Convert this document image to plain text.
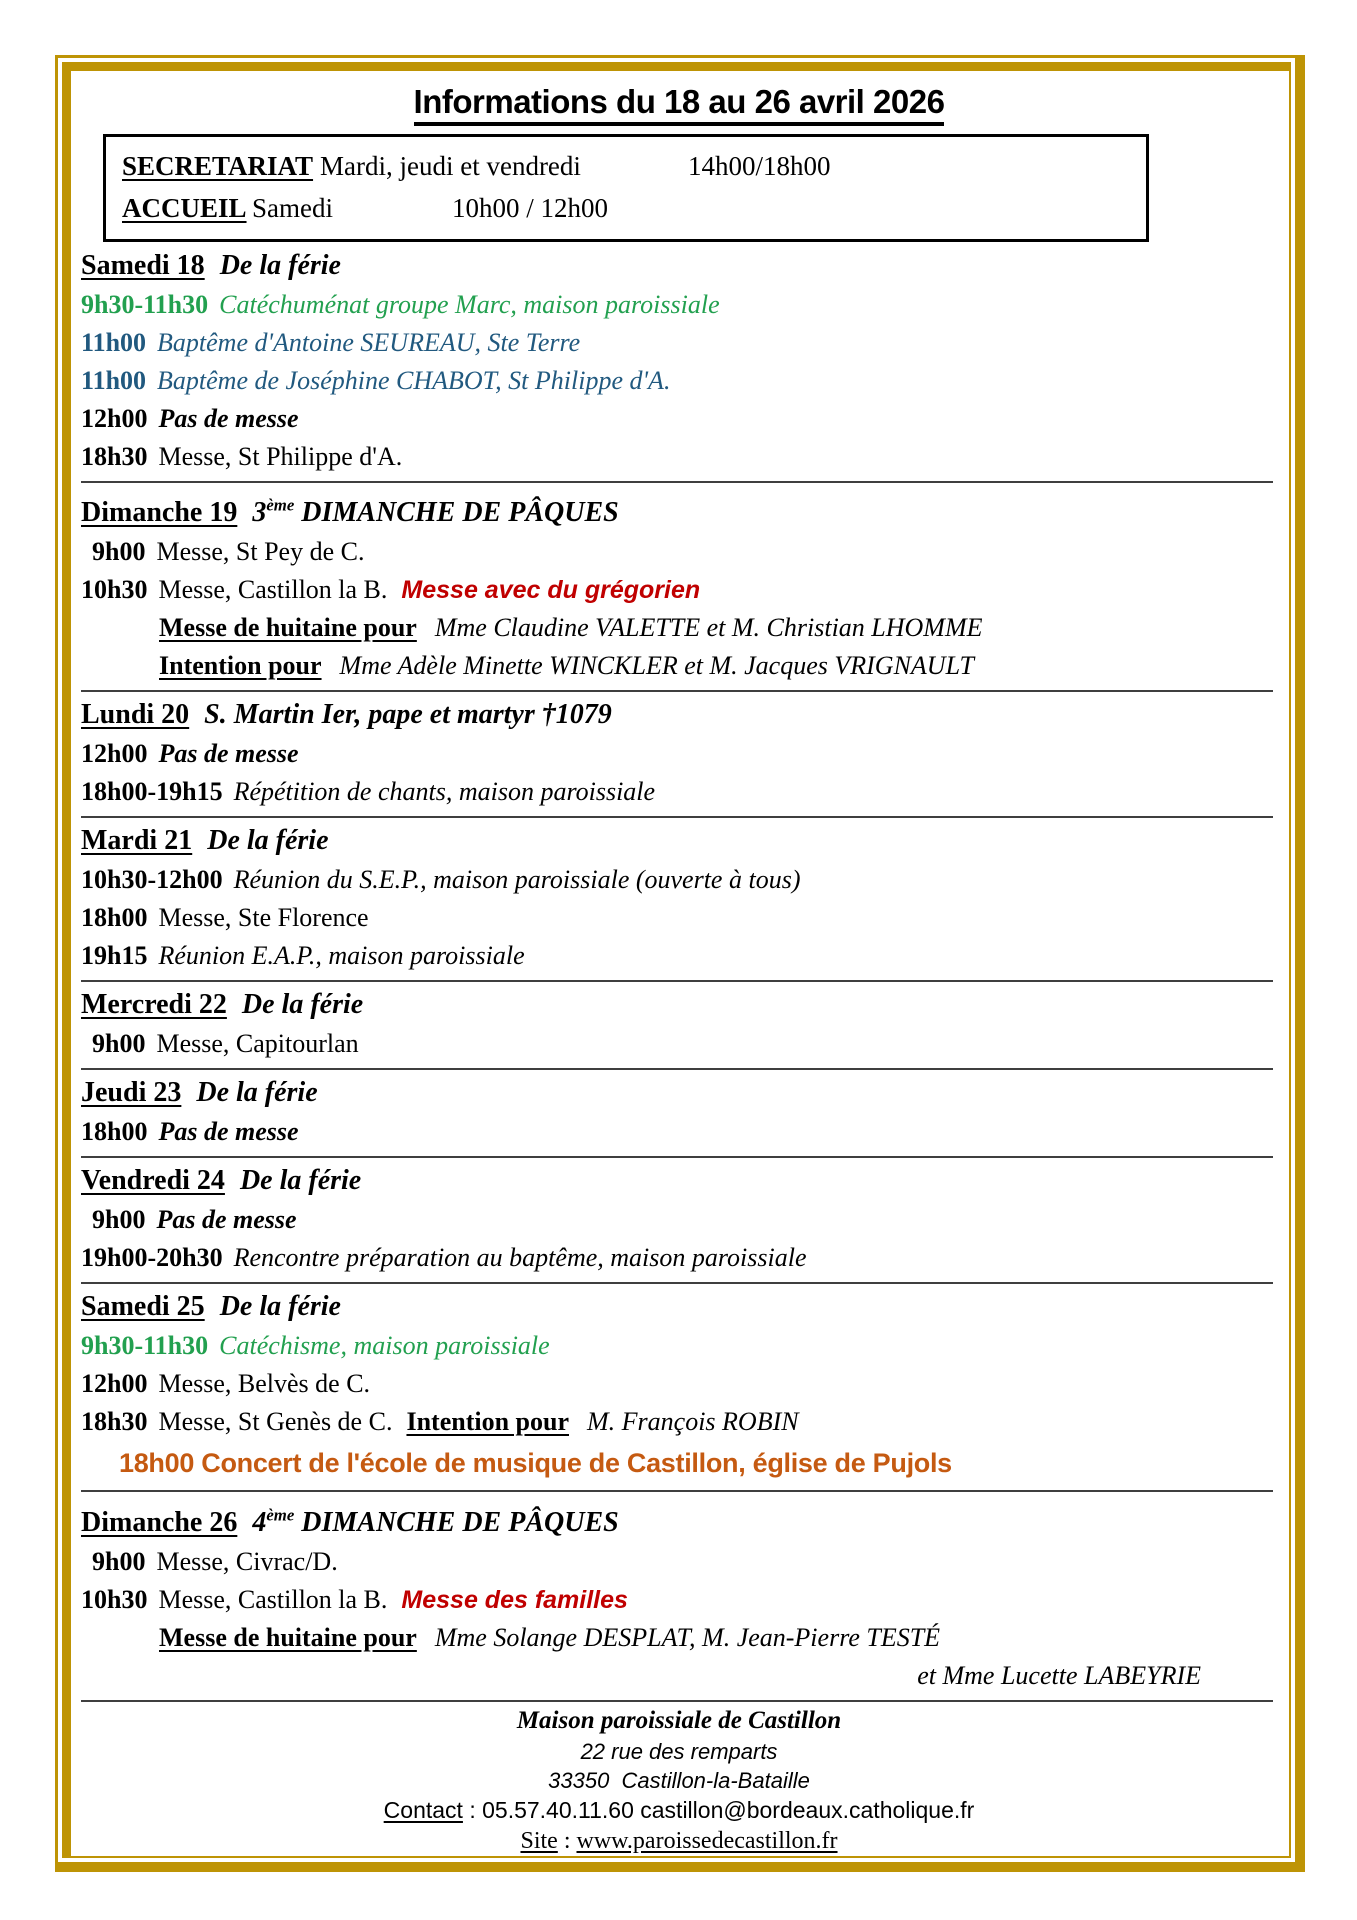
Informations du 18 au 26 avril 2026
SECRETARIAT Mardi, jeudi et vendredi	14h00/18h00
ACCUEIL Samedi	10h00 / 12h00
Samedi 18 De la férie
9h30-11h30 Catéchuménat groupe Marc, maison paroissiale
11h00 Baptême d'Antoine SEUREAU, Ste Terre
11h00 Baptême de Joséphine CHABOT, St Philippe d'A.
12h00 Pas de messe
18h30 Messe, St Philippe d'A.
Dimanche 19 3ème DIMANCHE DE PÂQUES
9h00 Messe, St Pey de C.
10h30 Messe, Castillon la B. Messe avec du grégorien
Messe de huitaine pour Mme Claudine VALETTE et M. Christian LHOMME
Intention pour Mme Adèle Minette WINCKLER et M. Jacques VRIGNAULT
Lundi 20 S. Martin Ier, pape et martyr †1079
12h00 Pas de messe
18h00-19h15 Répétition de chants, maison paroissiale
Mardi 21 De la férie
10h30-12h00 Réunion du S.E.P., maison paroissiale (ouverte à tous)
18h00 Messe, Ste Florence
19h15 Réunion E.A.P., maison paroissiale
Mercredi 22 De la férie
9h00 Messe, Capitourlan
Jeudi 23 De la férie
18h00 Pas de messe
Vendredi 24 De la férie
9h00 Pas de messe
19h00-20h30 Rencontre préparation au baptême, maison paroissiale
Samedi 25 De la férie
9h30-11h30 Catéchisme, maison paroissiale
12h00 Messe, Belvès de C.
18h30 Messe, St Genès de C. Intention pour M. François ROBIN
18h00 Concert de l'école de musique de Castillon, église de Pujols
Dimanche 26 4ème DIMANCHE DE PÂQUES
9h00 Messe, Civrac/D.
10h30 Messe, Castillon la B. Messe des familles
Messe de huitaine pour Mme Solange DESPLAT, M. Jean-Pierre TESTÉ
et Mme Lucette LABEYRIE
Maison paroissiale de Castillon
22 rue des remparts
33350  Castillon-la-Bataille
Contact : 05.57.40.11.60 castillon@bordeaux.catholique.fr
Site : www.paroissedecastillon.fr
